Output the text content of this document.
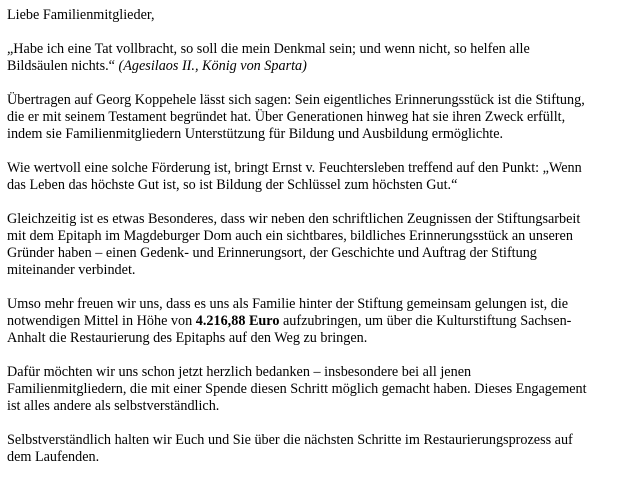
Liebe Familienmitglieder,

„Habe ich eine Tat vollbracht, so soll die mein Denkmal sein; und wenn nicht, so helfen alle
Bildsäulen nichts.“ (Agesilaos II., König von Sparta)

Übertragen auf Georg Koppehele lässt sich sagen: Sein eigentliches Erinnerungsstück ist die Stiftung,
die er mit seinem Testament begründet hat. Über Generationen hinweg hat sie ihren Zweck erfüllt,
indem sie Familienmitgliedern Unterstützung für Bildung und Ausbildung ermöglichte.

Wie wertvoll eine solche Förderung ist, bringt Ernst v. Feuchtersleben treffend auf den Punkt: „Wenn
das Leben das höchste Gut ist, so ist Bildung der Schlüssel zum höchsten Gut.“

Gleichzeitig ist es etwas Besonderes, dass wir neben den schriftlichen Zeugnissen der Stiftungsarbeit
mit dem Epitaph im Magdeburger Dom auch ein sichtbares, bildliches Erinnerungsstück an unseren
Gründer haben – einen Gedenk- und Erinnerungsort, der Geschichte und Auftrag der Stiftung
miteinander verbindet.

Umso mehr freuen wir uns, dass es uns als Familie hinter der Stiftung gemeinsam gelungen ist, die
notwendigen Mittel in Höhe von 4.216,88 Euro aufzubringen, um über die Kulturstiftung Sachsen-
Anhalt die Restaurierung des Epitaphs auf den Weg zu bringen.

Dafür möchten wir uns schon jetzt herzlich bedanken – insbesondere bei all jenen
Familienmitgliedern, die mit einer Spende diesen Schritt möglich gemacht haben. Dieses Engagement
ist alles andere als selbstverständlich.

Selbstverständlich halten wir Euch und Sie über die nächsten Schritte im Restaurierungsprozess auf
dem Laufenden.
